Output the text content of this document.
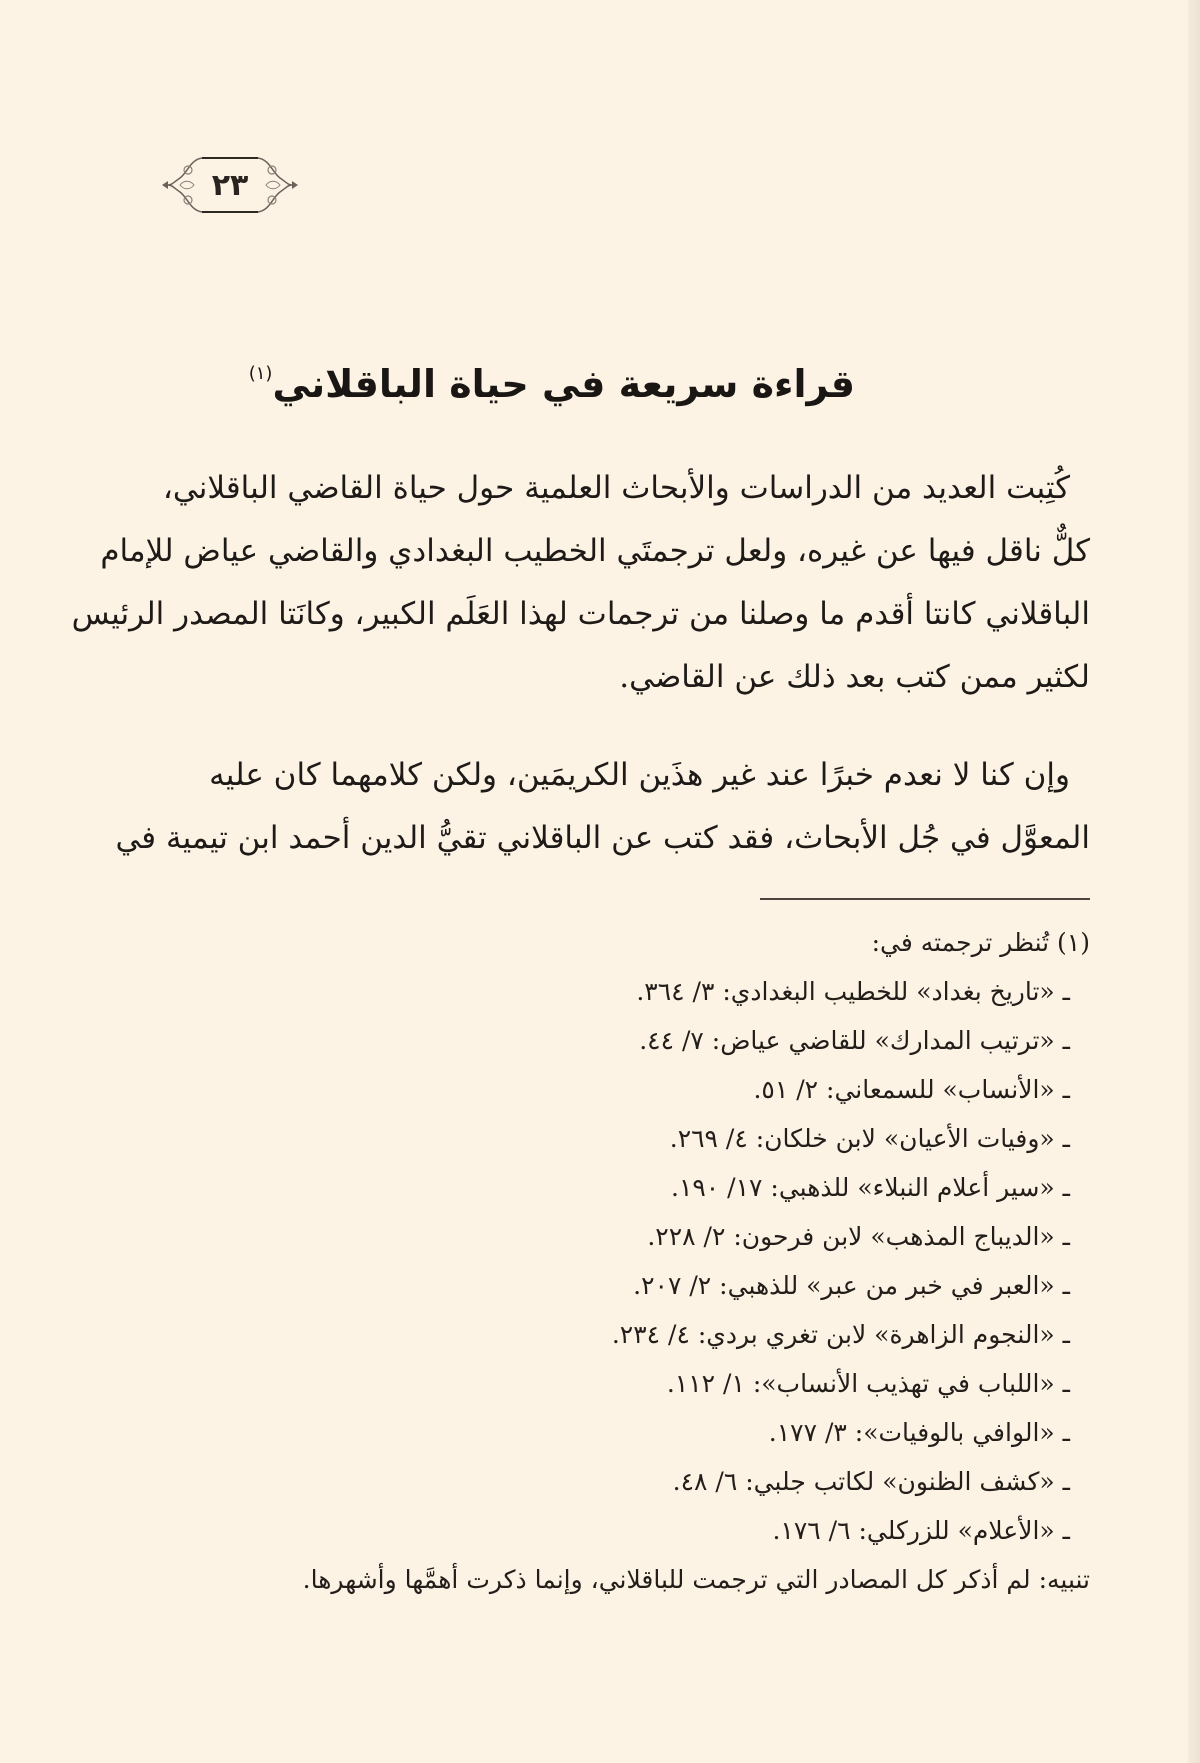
٢٣
قراءة سريعة في حياة الباقلاني$^{(١)}$
كُتِبت العديد من الدراسات والأبحاث العلمية حول حياة القاضي الباقلاني،
كلٌّ ناقل فيها عن غيره، ولعل ترجمتَي الخطيب البغدادي والقاضي عياض للإمام
الباقلاني كانتا أقدم ما وصلنا من ترجمات لهذا العَلَم الكبير، وكانَتا المصدر الرئيس
لكثير ممن كتب بعد ذلك عن القاضي.
وإن كنا لا نعدم خبرًا عند غير هذَين الكريمَين، ولكن كلامهما كان عليه
المعوَّل في جُل الأبحاث، فقد كتب عن الباقلاني تقيُّ الدين أحمد ابن تيمية في
(١) تُنظر ترجمته في:
ـ «تاريخ بغداد» للخطيب البغدادي: ٣/ ٣٦٤.
ـ «ترتيب المدارك» للقاضي عياض: ٧/ ٤٤.
ـ «الأنساب» للسمعاني: ٢/ ٥١.
ـ «وفيات الأعيان» لابن خلكان: ٤/ ٢٦٩.
ـ «سير أعلام النبلاء» للذهبي: ١٧/ ١٩٠.
ـ «الديباج المذهب» لابن فرحون: ٢/ ٢٢٨.
ـ «العبر في خبر من عبر» للذهبي: ٢/ ٢٠٧.
ـ «النجوم الزاهرة» لابن تغري بردي: ٤/ ٢٣٤.
ـ «اللباب في تهذيب الأنساب»: ١/ ١١٢.
ـ «الوافي بالوفيات»: ٣/ ١٧٧.
ـ «كشف الظنون» لكاتب جلبي: ٦/ ٤٨.
ـ «الأعلام» للزركلي: ٦/ ١٧٦.
تنبيه: لم أذكر كل المصادر التي ترجمت للباقلاني، وإنما ذكرت أهمَّها وأشهرها.
